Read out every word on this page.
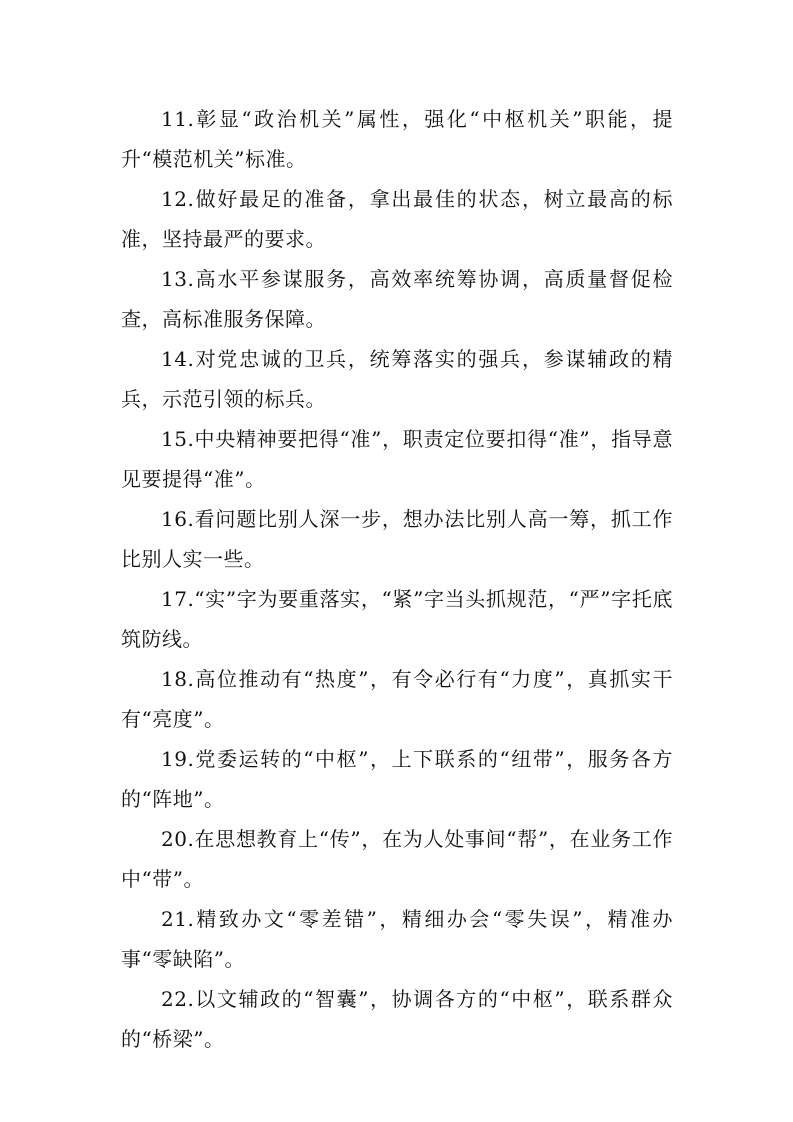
11.彰显“政治机关”属性，强化“中枢机关”职能，提升“模范机关”标准。

12.做好最足的准备，拿出最佳的状态，树立最高的标准，坚持最严的要求。

13.高水平参谋服务，高效率统筹协调，高质量督促检查，高标准服务保障。

14.对党忠诚的卫兵，统筹落实的强兵，参谋辅政的精兵，示范引领的标兵。

15.中央精神要把得“准”，职责定位要扣得“准”，指导意见要提得“准”。

16.看问题比别人深一步，想办法比别人高一筹，抓工作比别人实一些。

17.“实”字为要重落实，“紧”字当头抓规范，“严”字托底筑防线。

18.高位推动有“热度”，有令必行有“力度”，真抓实干有“亮度”。

19.党委运转的“中枢”，上下联系的“纽带”，服务各方的“阵地”。

20.在思想教育上“传”，在为人处事间“帮”，在业务工作中“带”。

21.精致办文“零差错”，精细办会“零失误”，精准办事“零缺陷”。

22.以文辅政的“智囊”，协调各方的“中枢”，联系群众的“桥梁”。
